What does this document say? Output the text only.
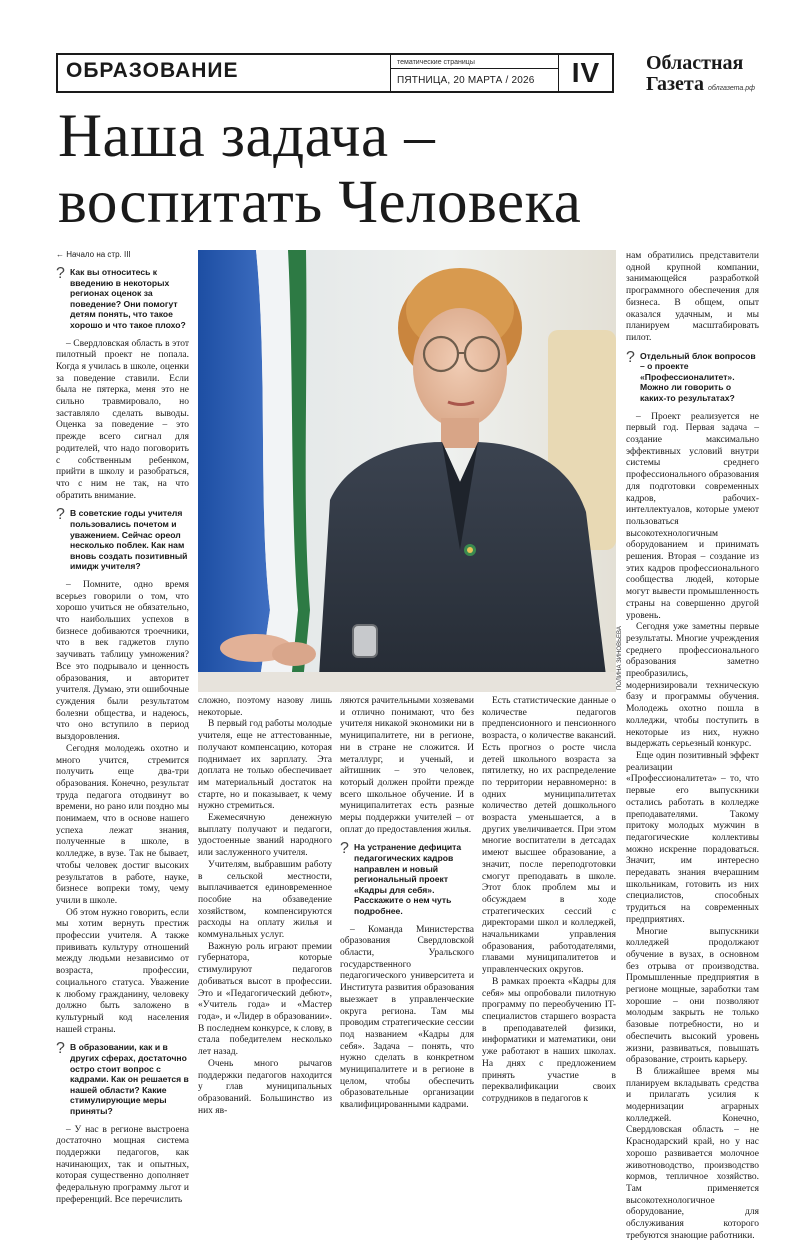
ОБРАЗОВАНИЕ	тематические страницы
ПЯТНИЦА, 20 МАРТА / 2026	IV	Областная
Газета облгазета.рф
Наша задача –
воспитать Человека
ПОЛИНА ЗИНОВЬЕВА
← Начало на стр. III
? Как вы относитесь к введению в некоторых регионах оценок за поведение? Они помогут детям понять, что такое хорошо и что такое плохо?

– Свердловская область в этот пилотный проект не попала. Когда я училась в школе, оценки за поведение ставили. Если была не пятерка, меня это не сильно травмировало, но заставляло сделать выводы. Оценка за поведение – это прежде всего сигнал для родителей, что надо поговорить с собственным ребенком, прийти в школу и разобраться, что с ним не так, на что обратить внимание.

? В советские годы учителя пользовались почетом и уважением. Сейчас ореол несколько поблек. Как нам вновь создать позитивный имидж учителя?

– Помните, одно время всерьез говорили о том, что хорошо учиться не обязательно, что наибольших успехов в бизнесе добиваются троечники, что в век гаджетов глупо заучивать таблицу умножения? Все это подрывало и ценность образования, и авторитет учителя. Думаю, эти ошибочные суждения были результатом болезни общества, и надеюсь, что оно вступило в период выздоровления.

Сегодня молодежь охотно и много учится, стремится получить еще два-три образования. Конечно, результат труда педагога отодвинут во времени, но рано или поздно мы понимаем, что в основе нашего успеха лежат знания, полученные в школе, в колледже, в вузе. Так не бывает, чтобы человек достиг высоких результатов в работе, науке, бизнесе вопреки тому, чему учили в школе.

Об этом нужно говорить, если мы хотим вернуть престиж профессии учителя. А также прививать культуру отношений между людьми независимо от возраста, профессии, социального статуса. Уважение к любому гражданину, человеку должно быть заложено в культурный код населения нашей страны.

? В образовании, как и в других сферах, достаточно остро стоит вопрос с кадрами. Как он решается в нашей области? Какие стимулирующие меры приняты?

– У нас в регионе выстроена достаточно мощная система поддержки педагогов, как начинающих, так и опытных, которая существенно дополняет федеральную программу льгот и преференций. Все перечислить

сложно, поэтому назову лишь некоторые.

В первый год работы молодые учителя, еще не аттестованные, получают компенсацию, которая поднимает их зарплату. Эта доплата не только обеспечивает им материальный достаток на старте, но и показывает, к чему нужно стремиться.

Ежемесячную денежную выплату получают и педагоги, удостоенные званий народного или заслуженного учителя.

Учителям, выбравшим работу в сельской местности, выплачивается единовременное пособие на обзаведение хозяйством, компенсируются расходы на оплату жилья и коммунальных услуг.

Важную роль играют премии губернатора, которые стимулируют педагогов добиваться высот в профессии. Это и «Педагогический дебют», «Учитель года» и «Мастер года», и «Лидер в образовании». В последнем конкурсе, к слову, в стала победителем несколько лет назад.

Очень много рычагов поддержки педагогов находится у глав муниципальных образований. Большинство из них яв-

ляются рачительными хозяевами и отлично понимают, что без учителя никакой экономики ни в муниципалитете, ни в регионе, ни в стране не сложится. И металлург, и ученый, и айтишник – это человек, который должен пройти прежде всего школьное обучение. И в муниципалитетах есть разные меры поддержки учителей – от оплат до предоставления жилья.

? На устранение дефицита педагогических кадров направлен и новый региональный проект «Кадры для себя». Расскажите о нем чуть подробнее.

– Команда Министерства образования Свердловской области, Уральского государственного педагогического университета и Института развития образования выезжает в управленческие округа региона. Там мы проводим стратегические сессии под названием «Кадры для себя». Задача – понять, что нужно сделать в конкретном муниципалитете и в регионе в целом, чтобы обеспечить образовательные организации квалифицированными кадрами.

Есть статистические данные о количестве педагогов предпенсионного и пенсионного возраста, о количестве вакансий. Есть прогноз о росте числа детей школьного возраста за пятилетку, но их распределение по территории неравномерно: в одних муниципалитетах количество детей дошкольного возраста уменьшается, а в других увеличивается. При этом многие воспитатели в детсадах имеют высшее образование, а значит, после переподготовки смогут преподавать в школе. Этот блок проблем мы и обсуждаем в ходе стратегических сессий с директорами школ и колледжей, начальниками управления образования, работодателями, главами муниципалитетов и управленческих округов.

В рамках проекта «Кадры для себя» мы опробовали пилотную программу по переобучению IT-специалистов старшего возраста в преподавателей физики, информатики и математики, они уже работают в наших школах. На днях с предложением принять участие в переквалификации своих сотрудников в педагогов к

нам обратились представители одной крупной компании, занимающейся разработкой программного обеспечения для бизнеса. В общем, опыт оказался удачным, и мы планируем масштабировать пилот.

? Отдельный блок вопросов – о проекте «Профессионалитет». Можно ли говорить о каких-то результатах?

– Проект реализуется не первый год. Первая задача – создание максимально эффективных условий внутри системы среднего профессионального образования для подготовки современных кадров, рабочих-интеллектуалов, которые умеют пользоваться высокотехнологичным оборудованием и принимать решения. Вторая – создание из этих кадров профессионального сообщества людей, которые могут вывести промышленность страны на совершенно другой уровень.

Сегодня уже заметны первые результаты. Многие учреждения среднего профессионального образования заметно преобразились, модернизировали техническую базу и программы обучения. Молодежь охотно пошла в колледжи, чтобы поступить в некоторые из них, нужно выдержать серьезный конкурс.

Еще один позитивный эффект реализации «Профессионалитета» – то, что первые его выпускники остались работать в колледже преподавателями. Такому притоку молодых мужчин в педагогические коллективы можно искренне порадоваться. Значит, им интересно передавать знания вчерашним школьникам, готовить из них специалистов, способных трудиться на современных предприятиях.

Многие выпускники колледжей продолжают обучение в вузах, в основном без отрыва от производства. Промышленные предприятия в регионе мощные, заработки там хорошие – они позволяют молодым закрыть не только базовые потребности, но и обеспечить высокий уровень жизни, развиваться, повышать образование, строить карьеру.

В ближайшее время мы планируем вкладывать средства и прилагать усилия к модернизации аграрных колледжей. Конечно, Свердловская область – не Краснодарский край, но у нас хорошо развивается молочное животноводство, производство кормов, тепличное хозяйство. Там применяется высокотехнологичное оборудование, для обслуживания которого требуются знающие работники.
